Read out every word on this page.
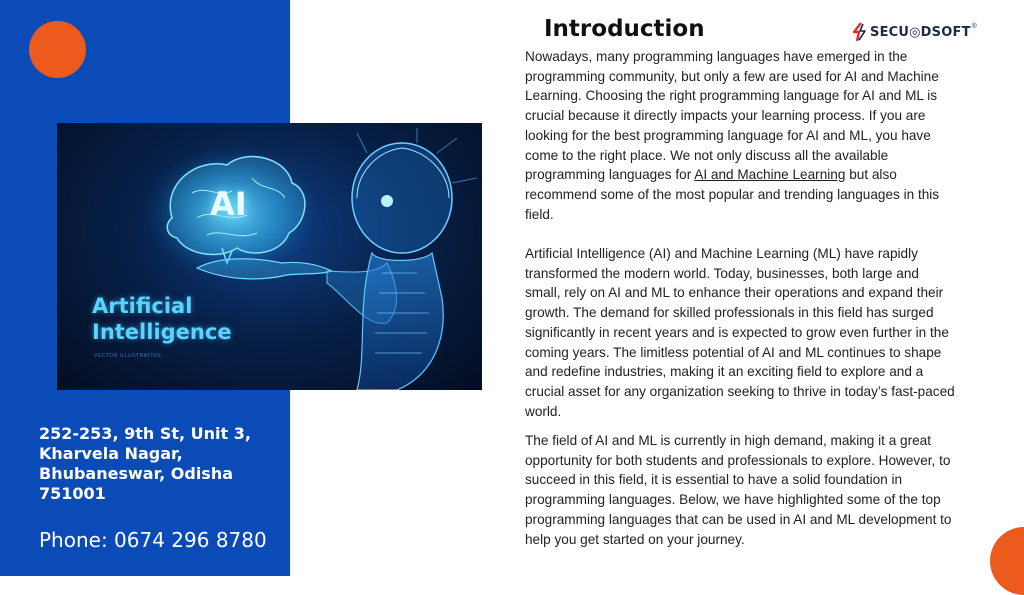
AI
Artificial
Intelligence
VECTOR ILLUSTRATION
252-253, 9th St, Unit 3, Kharvela Nagar, Bhubaneswar, Odisha 751001
Phone: 0674 296 8780
Introduction	SECU◎DSOFT ®
Nowadays, many programming languages have emerged in the programming community, but only a few are used for AI and Machine Learning. Choosing the right programming language for AI and ML is crucial because it directly impacts your learning process. If you are looking for the best programming language for AI and ML, you have come to the right place. We not only discuss all the available programming languages for AI and Machine Learning but also recommend some of the most popular and trending languages in this field.
Artificial Intelligence (AI) and Machine Learning (ML) have rapidly transformed the modern world. Today, businesses, both large and small, rely on AI and ML to enhance their operations and expand their growth. The demand for skilled professionals in this field has surged significantly in recent years and is expected to grow even further in the coming years. The limitless potential of AI and ML continues to shape and redefine industries, making it an exciting field to explore and a crucial asset for any organization seeking to thrive in today’s fast-paced world.
The field of AI and ML is currently in high demand, making it a great opportunity for both students and professionals to explore. However, to succeed in this field, it is essential to have a solid foundation in programming languages. Below, we have highlighted some of the top programming languages that can be used in AI and ML development to help you get started on your journey.
